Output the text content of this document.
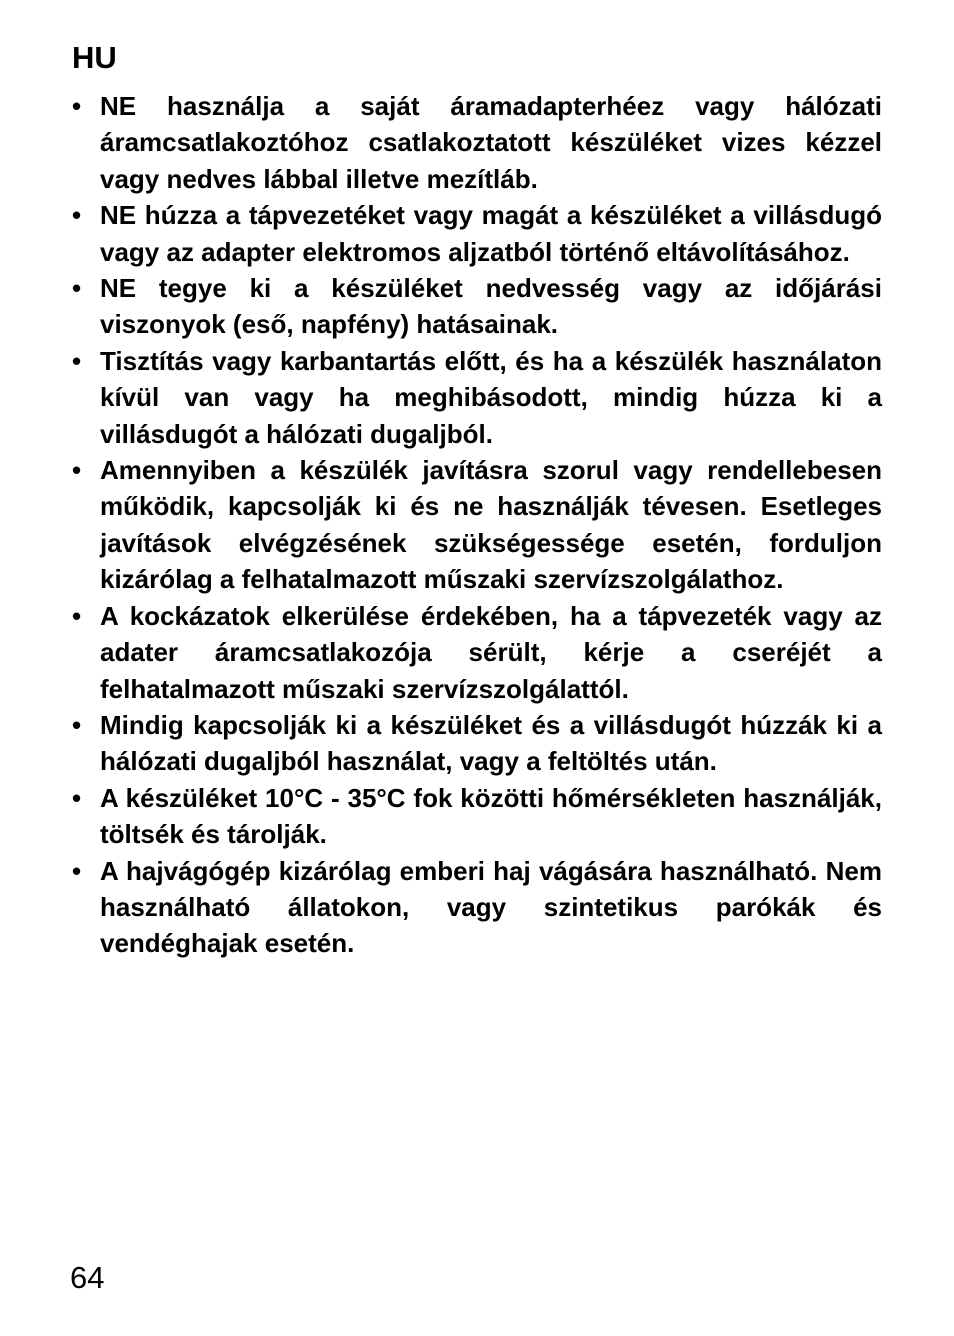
HU
• NE használja a saját áramadapterhéez vagy hálózati áramcsatlakoztóhoz csatlakoztatott készüléket vizes kézzel vagy nedves lábbal illetve mezítláb.
• NE húzza a tápvezetéket vagy magát a készüléket a villásdugó vagy az adapter elektromos aljzatból történő eltávolításához.
• NE tegye ki a készüléket nedvesség vagy az időjárási viszonyok (eső, napfény) hatásainak.
• Tisztítás vagy karbantartás előtt, és ha a készülék használaton kívül van vagy ha meghibásodott, mindig húzza ki a villásdugót a hálózati dugaljból.
• Amennyiben a készülék javításra szorul vagy rendellebesen működik, kapcsolják ki és ne használják tévesen. Esetleges javítások elvégzésének szükségessége esetén, forduljon kizárólag a felhatalmazott műszaki szervízszolgálathoz.
• A kockázatok elkerülése érdekében, ha a tápvezeték vagy az adater áramcsatlakozója sérült, kérje a cseréjét a felhatalmazott műszaki szervízszolgálattól.
• Mindig kapcsolják ki a készüléket és a villásdugót húzzák ki a hálózati dugaljból használat, vagy a feltöltés után.
• A készüléket 10°C - 35°C fok közötti hőmérsékleten használják, töltsék és tárolják.
• A hajvágógép kizárólag emberi haj vágására használható. Nem használható állatokon, vagy szintetikus parókák és vendéghajak esetén.
64
